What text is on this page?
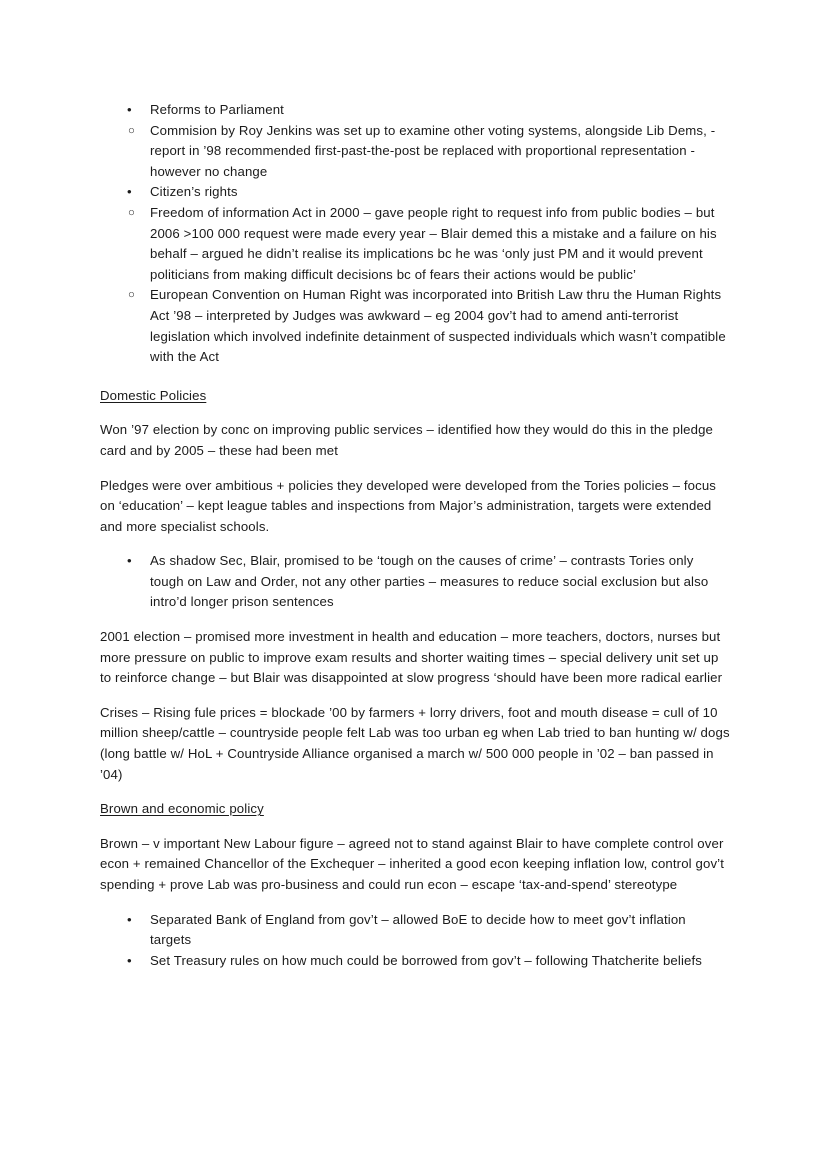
• Reforms to Parliament
○ Commision by Roy Jenkins was set up to examine other voting systems, alongside Lib Dems, - report in ’98 recommended first-past-the-post be replaced with proportional representation - however no change
• Citizen’s rights
○ Freedom of information Act in 2000 – gave people right to request info from public bodies – but 2006 >100 000 request were made every year – Blair demed this a mistake and a failure on his behalf – argued he didn’t realise its implications bc he was ‘only just PM and it would prevent politicians from making difficult decisions bc of fears their actions would be public’
○ European Convention on Human Right was incorporated into British Law thru the Human Rights Act ’98 – interpreted by Judges was awkward – eg 2004 gov’t had to amend anti-terrorist legislation which involved indefinite detainment of suspected individuals which wasn’t compatible with the Act
Domestic Policies

Won ’97 election by conc on improving public services – identified how they would do this in the pledge card and by 2005 – these had been met

Pledges were over ambitious + policies they developed were developed from the Tories policies – focus on ‘education’ – kept league tables and inspections from Major’s administration, targets were extended and more specialist schools.

• As shadow Sec, Blair, promised to be ‘tough on the causes of crime’ – contrasts Tories only tough on Law and Order, not any other parties – measures to reduce social exclusion but also intro’d longer prison sentences

2001 election – promised more investment in health and education – more teachers, doctors, nurses but more pressure on public to improve exam results and shorter waiting times – special delivery unit set up to reinforce change – but Blair was disappointed at slow progress ‘should have been more radical earlier

Crises – Rising fule prices = blockade ’00 by farmers + lorry drivers, foot and mouth disease = cull of 10 million sheep/cattle – countryside people felt Lab was too urban eg when Lab tried to ban hunting w/ dogs (long battle w/ HoL + Countryside Alliance organised a march w/ 500 000 people in ’02 – ban passed in ’04)

Brown and economic policy

Brown – v important New Labour figure – agreed not to stand against Blair to have complete control over econ + remained Chancellor of the Exchequer – inherited a good econ keeping inflation low, control gov’t spending + prove Lab was pro-business and could run econ – escape ‘tax-and-spend’ stereotype

• Separated Bank of England from gov’t – allowed BoE to decide how to meet gov’t inflation targets
• Set Treasury rules on how much could be borrowed from gov’t – following Thatcherite beliefs
